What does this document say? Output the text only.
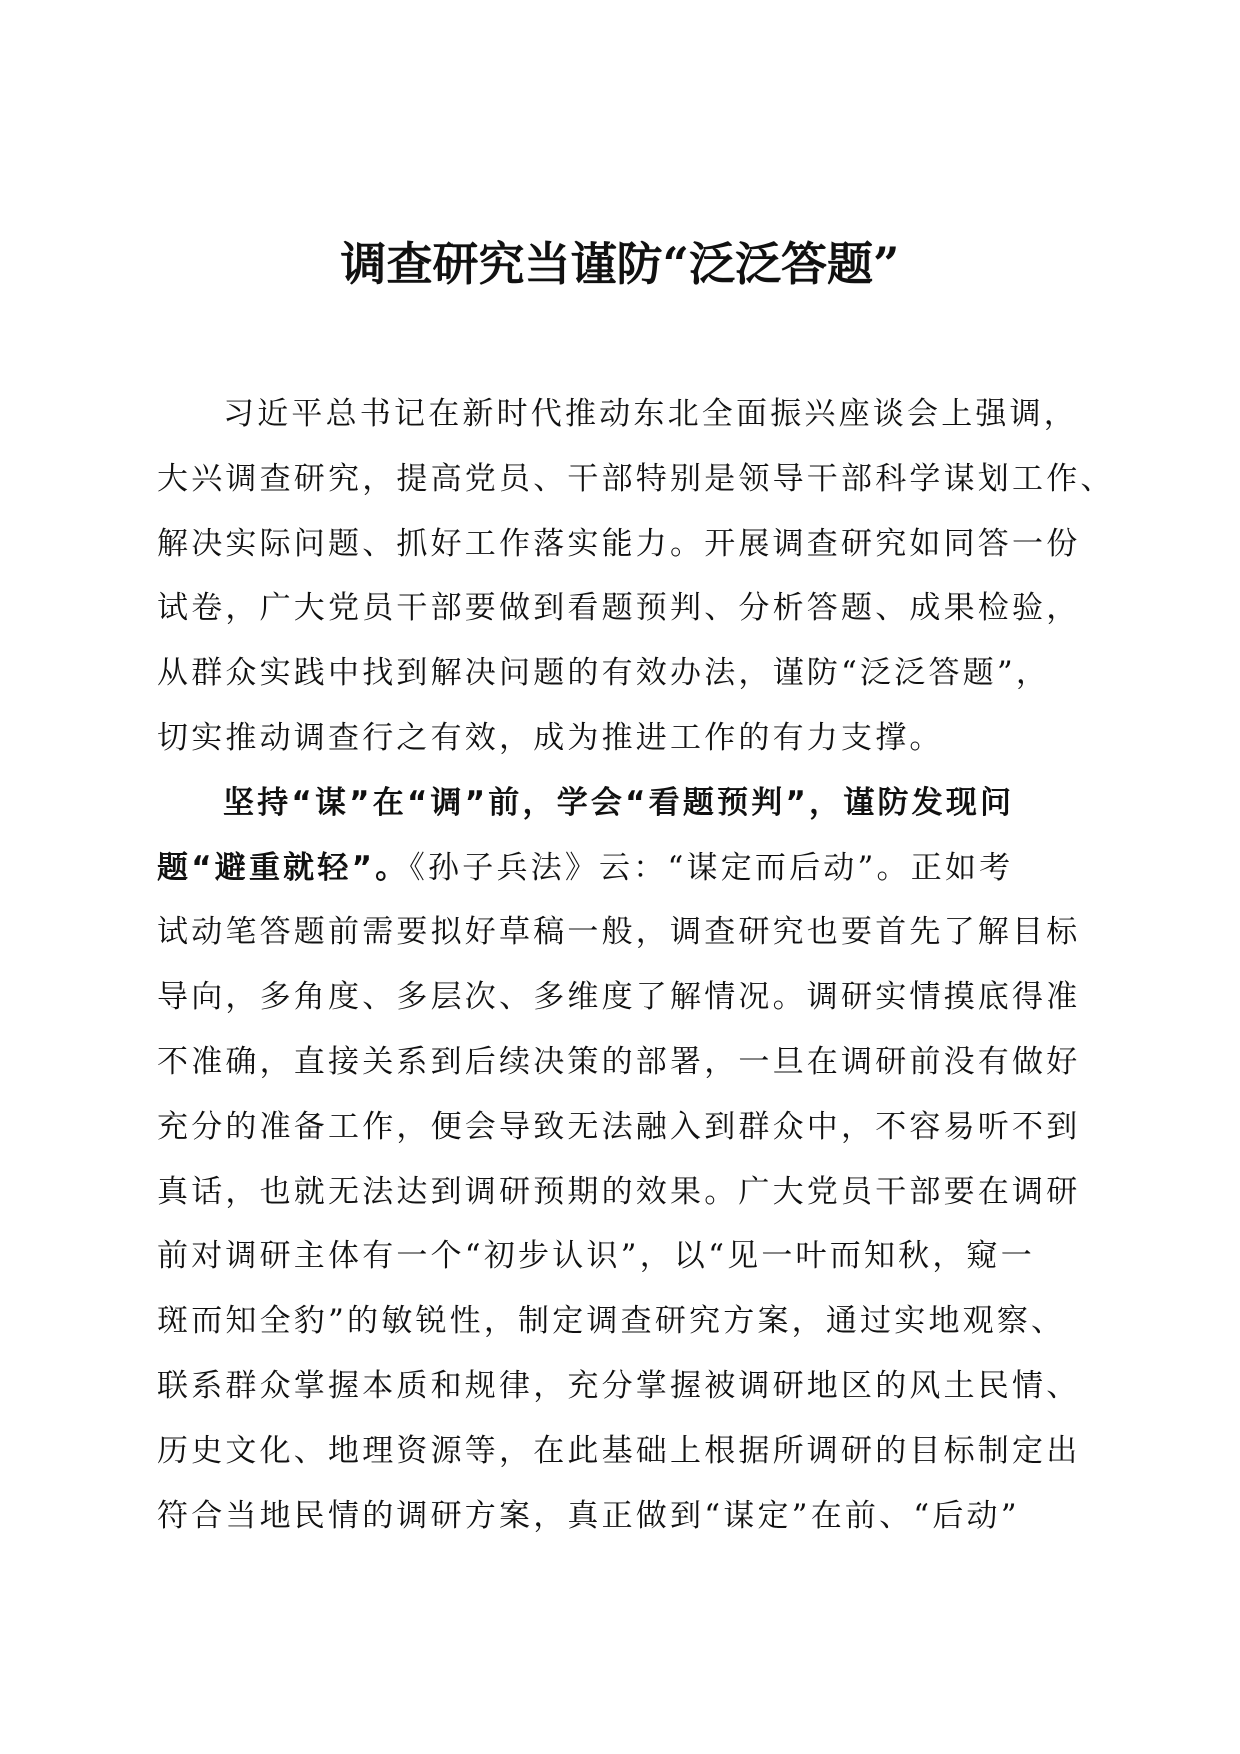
调查研究当谨防“泛泛答题”
习近平总书记在新时代推动东北全面振兴座谈会上强调，
大兴调查研究，提高党员、干部特别是领导干部科学谋划工作、
解决实际问题、抓好工作落实能力。开展调查研究如同答一份
试卷，广大党员干部要做到看题预判、分析答题、成果检验，
从群众实践中找到解决问题的有效办法，谨防“泛泛答题”，
切实推动调查行之有效，成为推进工作的有力支撑。
坚持“谋”在“调”前，学会“看题预判”，谨防发现问
题“避重就轻”。《孙子兵法》云：“谋定而后动”。正如考
试动笔答题前需要拟好草稿一般，调查研究也要首先了解目标
导向，多角度、多层次、多维度了解情况。调研实情摸底得准
不准确，直接关系到后续决策的部署，一旦在调研前没有做好
充分的准备工作，便会导致无法融入到群众中，不容易听不到
真话，也就无法达到调研预期的效果。广大党员干部要在调研
前对调研主体有一个“初步认识”，以“见一叶而知秋，窥一
斑而知全豹”的敏锐性，制定调查研究方案，通过实地观察、
联系群众掌握本质和规律，充分掌握被调研地区的风土民情、
历史文化、地理资源等，在此基础上根据所调研的目标制定出
符合当地民情的调研方案，真正做到“谋定”在前、“后动”
